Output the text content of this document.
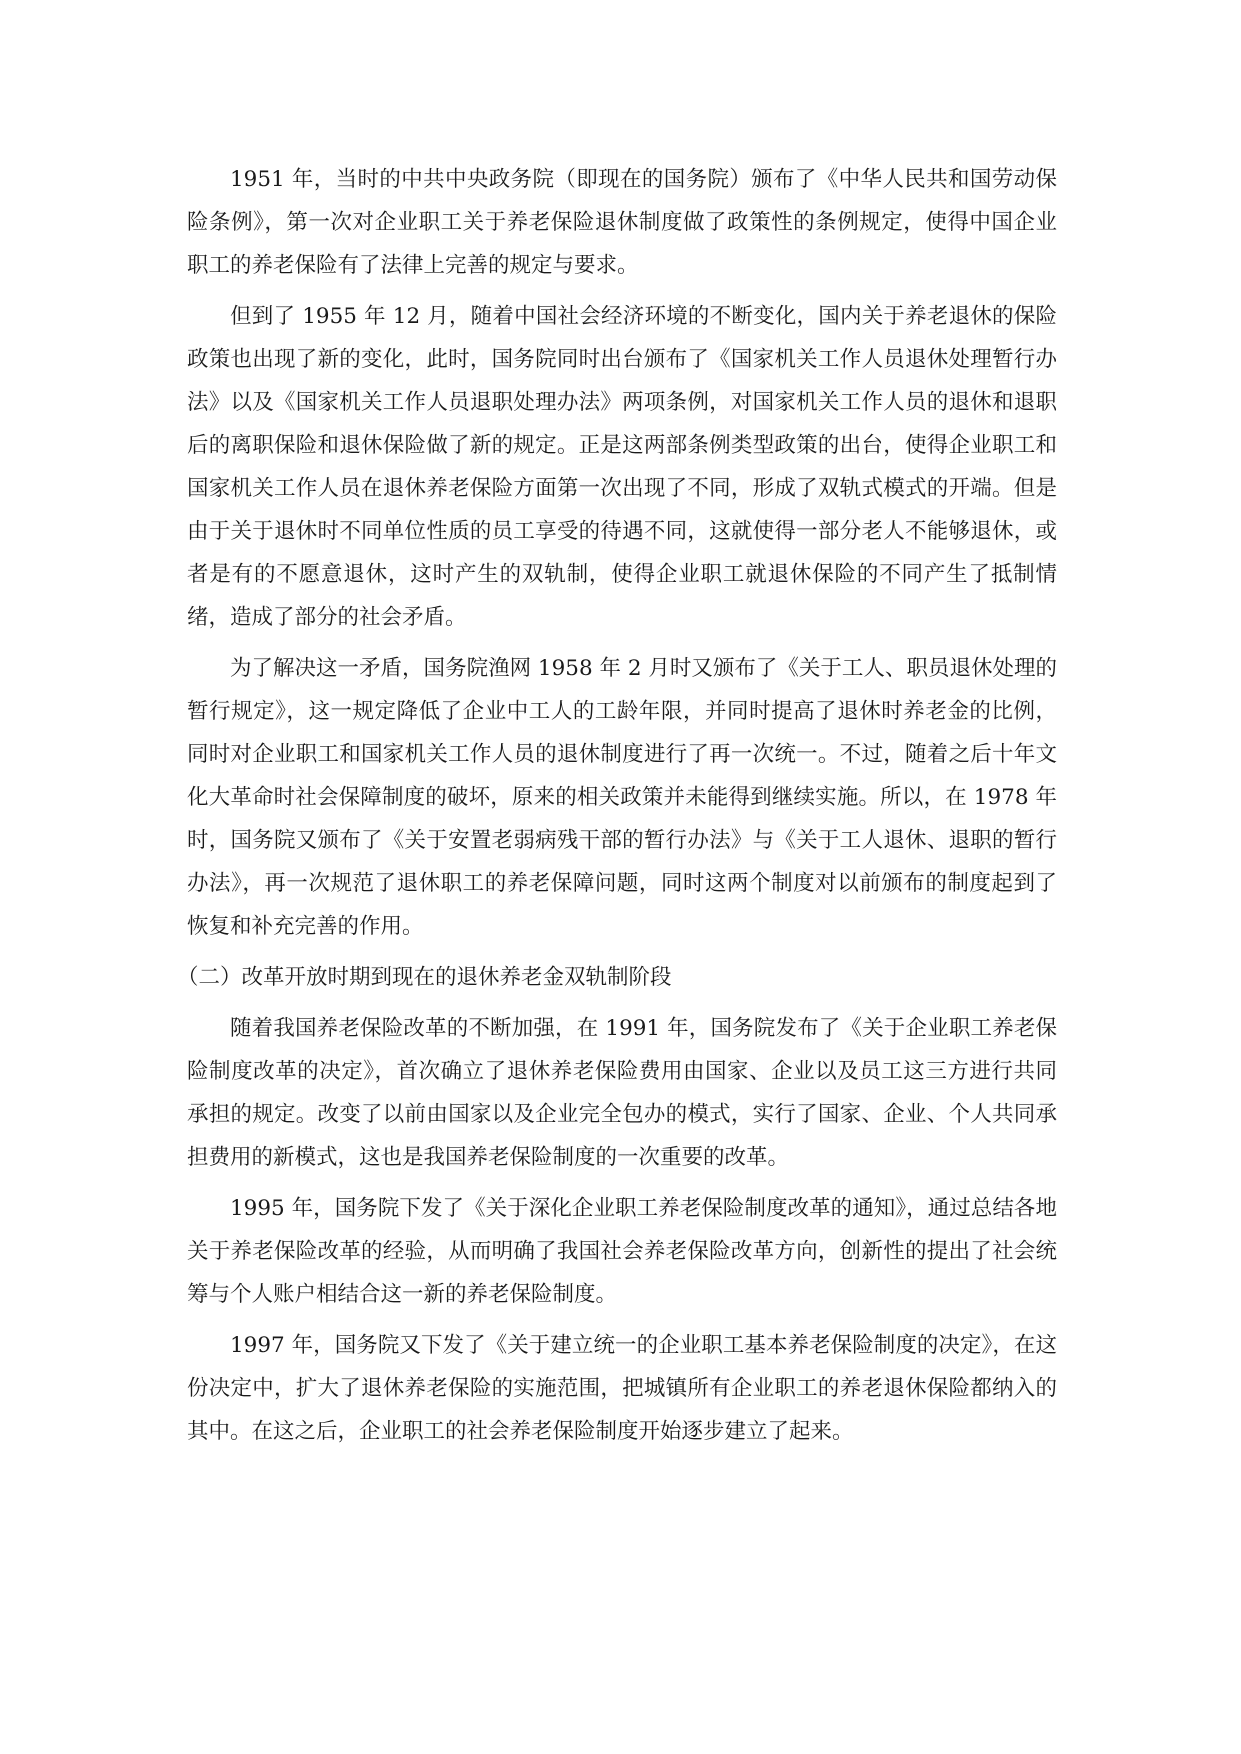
1951 年，当时的中共中央政务院（即现在的国务院）颁布了《中华人民共和国劳动保险条例》，第一次对企业职工关于养老保险退休制度做了政策性的条例规定，使得中国企业职工的养老保险有了法律上完善的规定与要求。

但到了 1955 年 12 月，随着中国社会经济环境的不断变化，国内关于养老退休的保险政策也出现了新的变化，此时，国务院同时出台颁布了《国家机关工作人员退休处理暂行办法》以及《国家机关工作人员退职处理办法》两项条例，对国家机关工作人员的退休和退职后的离职保险和退休保险做了新的规定。正是这两部条例类型政策的出台，使得企业职工和国家机关工作人员在退休养老保险方面第一次出现了不同，形成了双轨式模式的开端。但是由于关于退休时不同单位性质的员工享受的待遇不同，这就使得一部分老人不能够退休，或者是有的不愿意退休，这时产生的双轨制，使得企业职工就退休保险的不同产生了抵制情绪，造成了部分的社会矛盾。

为了解决这一矛盾，国务院渔网 1958 年 2 月时又颁布了《关于工人、职员退休处理的暂行规定》，这一规定降低了企业中工人的工龄年限，并同时提高了退休时养老金的比例，同时对企业职工和国家机关工作人员的退休制度进行了再一次统一。不过，随着之后十年文化大革命时社会保障制度的破坏，原来的相关政策并未能得到继续实施。所以，在 1978 年时，国务院又颁布了《关于安置老弱病残干部的暂行办法》与《关于工人退休、退职的暂行办法》，再一次规范了退休职工的养老保障问题，同时这两个制度对以前颁布的制度起到了恢复和补充完善的作用。

（二）改革开放时期到现在的退休养老金双轨制阶段

随着我国养老保险改革的不断加强，在 1991 年，国务院发布了《关于企业职工养老保险制度改革的决定》，首次确立了退休养老保险费用由国家、企业以及员工这三方进行共同承担的规定。改变了以前由国家以及企业完全包办的模式，实行了国家、企业、个人共同承担费用的新模式，这也是我国养老保险制度的一次重要的改革。

1995 年，国务院下发了《关于深化企业职工养老保险制度改革的通知》，通过总结各地关于养老保险改革的经验，从而明确了我国社会养老保险改革方向，创新性的提出了社会统筹与个人账户相结合这一新的养老保险制度。

1997 年，国务院又下发了《关于建立统一的企业职工基本养老保险制度的决定》，在这份决定中，扩大了退休养老保险的实施范围，把城镇所有企业职工的养老退休保险都纳入的其中。在这之后，企业职工的社会养老保险制度开始逐步建立了起来。
